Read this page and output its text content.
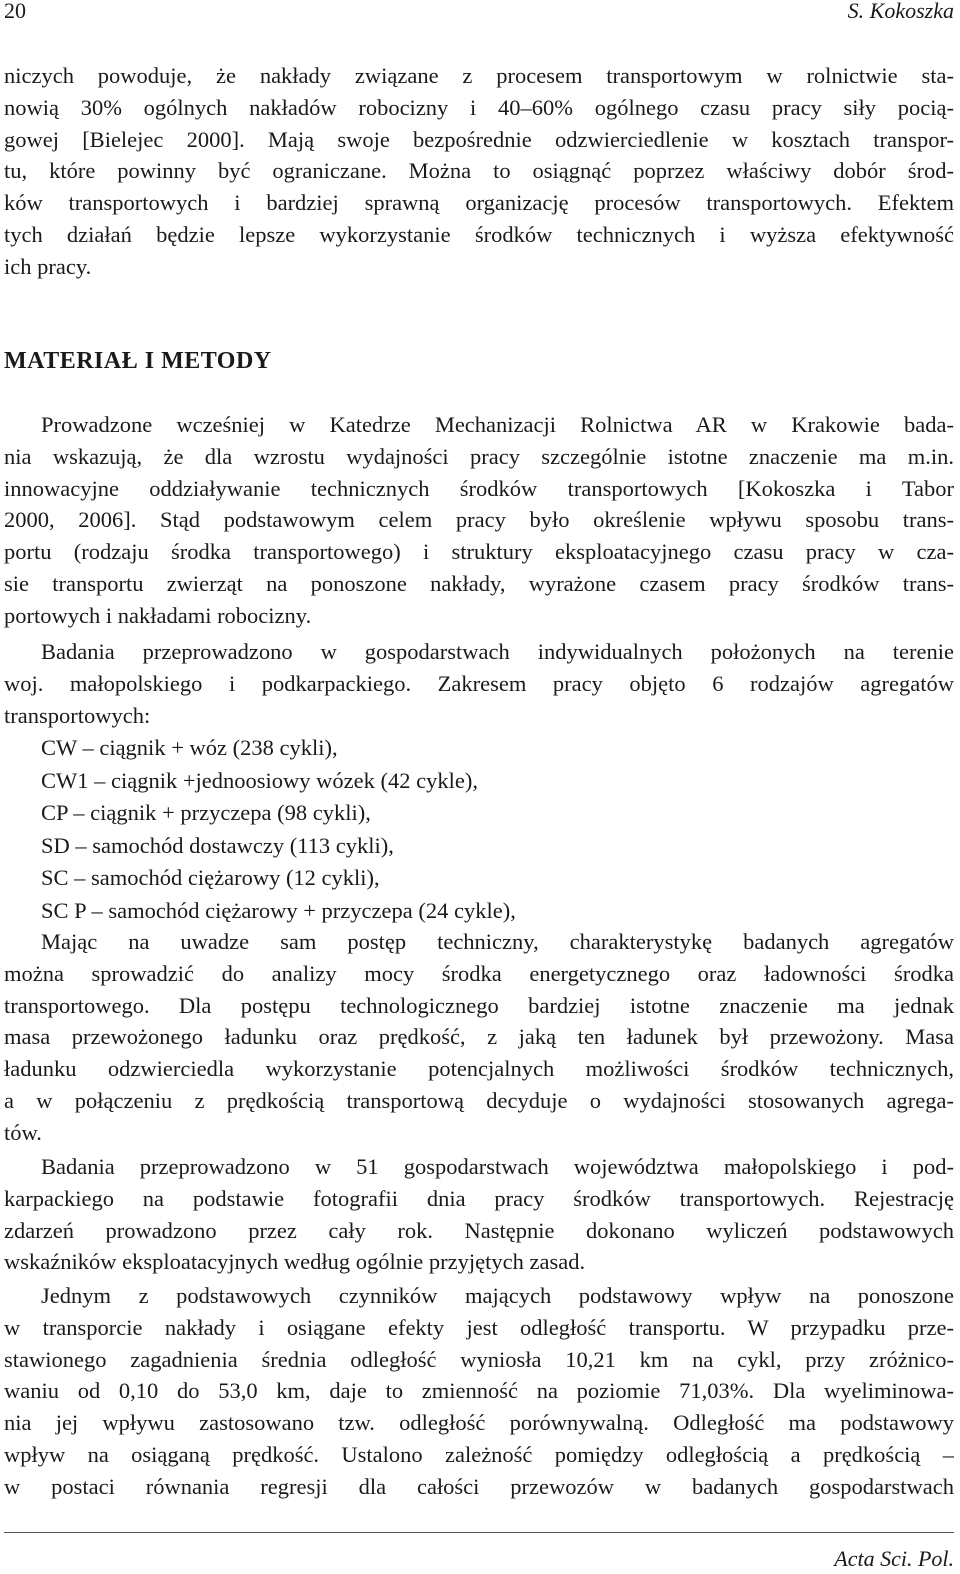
20	S. Kokoszka
niczych powoduje, że nakłady związane z procesem transportowym w rolnictwie sta-
nowią 30% ogólnych nakładów robocizny i 40–60% ogólnego czasu pracy siły pocią-
gowej [Bielejec 2000]. Mają swoje bezpośrednie odzwierciedlenie w kosztach transpor-
tu, które powinny być ograniczane. Można to osiągnąć poprzez właściwy dobór środ-
ków transportowych i bardziej sprawną organizację procesów transportowych. Efektem
tych działań będzie lepsze wykorzystanie środków technicznych i wyższa efektywność
ich pracy.
MATERIAŁ I METODY
Prowadzone wcześniej w Katedrze Mechanizacji Rolnictwa AR w Krakowie bada-
nia wskazują, że dla wzrostu wydajności pracy szczególnie istotne znaczenie ma m.in.
innowacyjne oddziaływanie technicznych środków transportowych [Kokoszka i Tabor
2000, 2006]. Stąd podstawowym celem pracy było określenie wpływu sposobu trans-
portu (rodzaju środka transportowego) i struktury eksploatacyjnego czasu pracy w cza-
sie transportu zwierząt na ponoszone nakłady, wyrażone czasem pracy środków trans-
portowych i nakładami robocizny.
Badania przeprowadzono w gospodarstwach indywidualnych położonych na terenie
woj. małopolskiego i podkarpackiego. Zakresem pracy objęto 6 rodzajów agregatów
transportowych:
CW – ciągnik + wóz (238 cykli),
CW1 – ciągnik +jednoosiowy wózek (42 cykle),
CP – ciągnik + przyczepa (98 cykli),
SD – samochód dostawczy (113 cykli),
SC – samochód ciężarowy (12 cykli),
SC P – samochód ciężarowy + przyczepa (24 cykle),
Mając na uwadze sam postęp techniczny, charakterystykę badanych agregatów
można sprowadzić do analizy mocy środka energetycznego oraz ładowności środka
transportowego. Dla postępu technologicznego bardziej istotne znaczenie ma jednak
masa przewożonego ładunku oraz prędkość, z jaką ten ładunek był przewożony. Masa
ładunku odzwierciedla wykorzystanie potencjalnych możliwości środków technicznych,
a w połączeniu z prędkością transportową decyduje o wydajności stosowanych agrega-
tów.
Badania przeprowadzono w 51 gospodarstwach województwa małopolskiego i pod-
karpackiego na podstawie fotografii dnia pracy środków transportowych. Rejestrację
zdarzeń prowadzono przez cały rok. Następnie dokonano wyliczeń podstawowych
wskaźników eksploatacyjnych według ogólnie przyjętych zasad.
Jednym z podstawowych czynników mających podstawowy wpływ na ponoszone
w transporcie nakłady i osiągane efekty jest odległość transportu. W przypadku prze-
stawionego zagadnienia średnia odległość wyniosła 10,21 km na cykl, przy zróżnico-
waniu od 0,10 do 53,0 km, daje to zmienność na poziomie 71,03%. Dla wyeliminowa-
nia jej wpływu zastosowano tzw. odległość porównywalną. Odległość ma podstawowy
wpływ na osiąganą prędkość. Ustalono zależność pomiędzy odległością a prędkością –
w postaci równania regresji dla całości przewozów w badanych gospodarstwach
Acta Sci. Pol.
